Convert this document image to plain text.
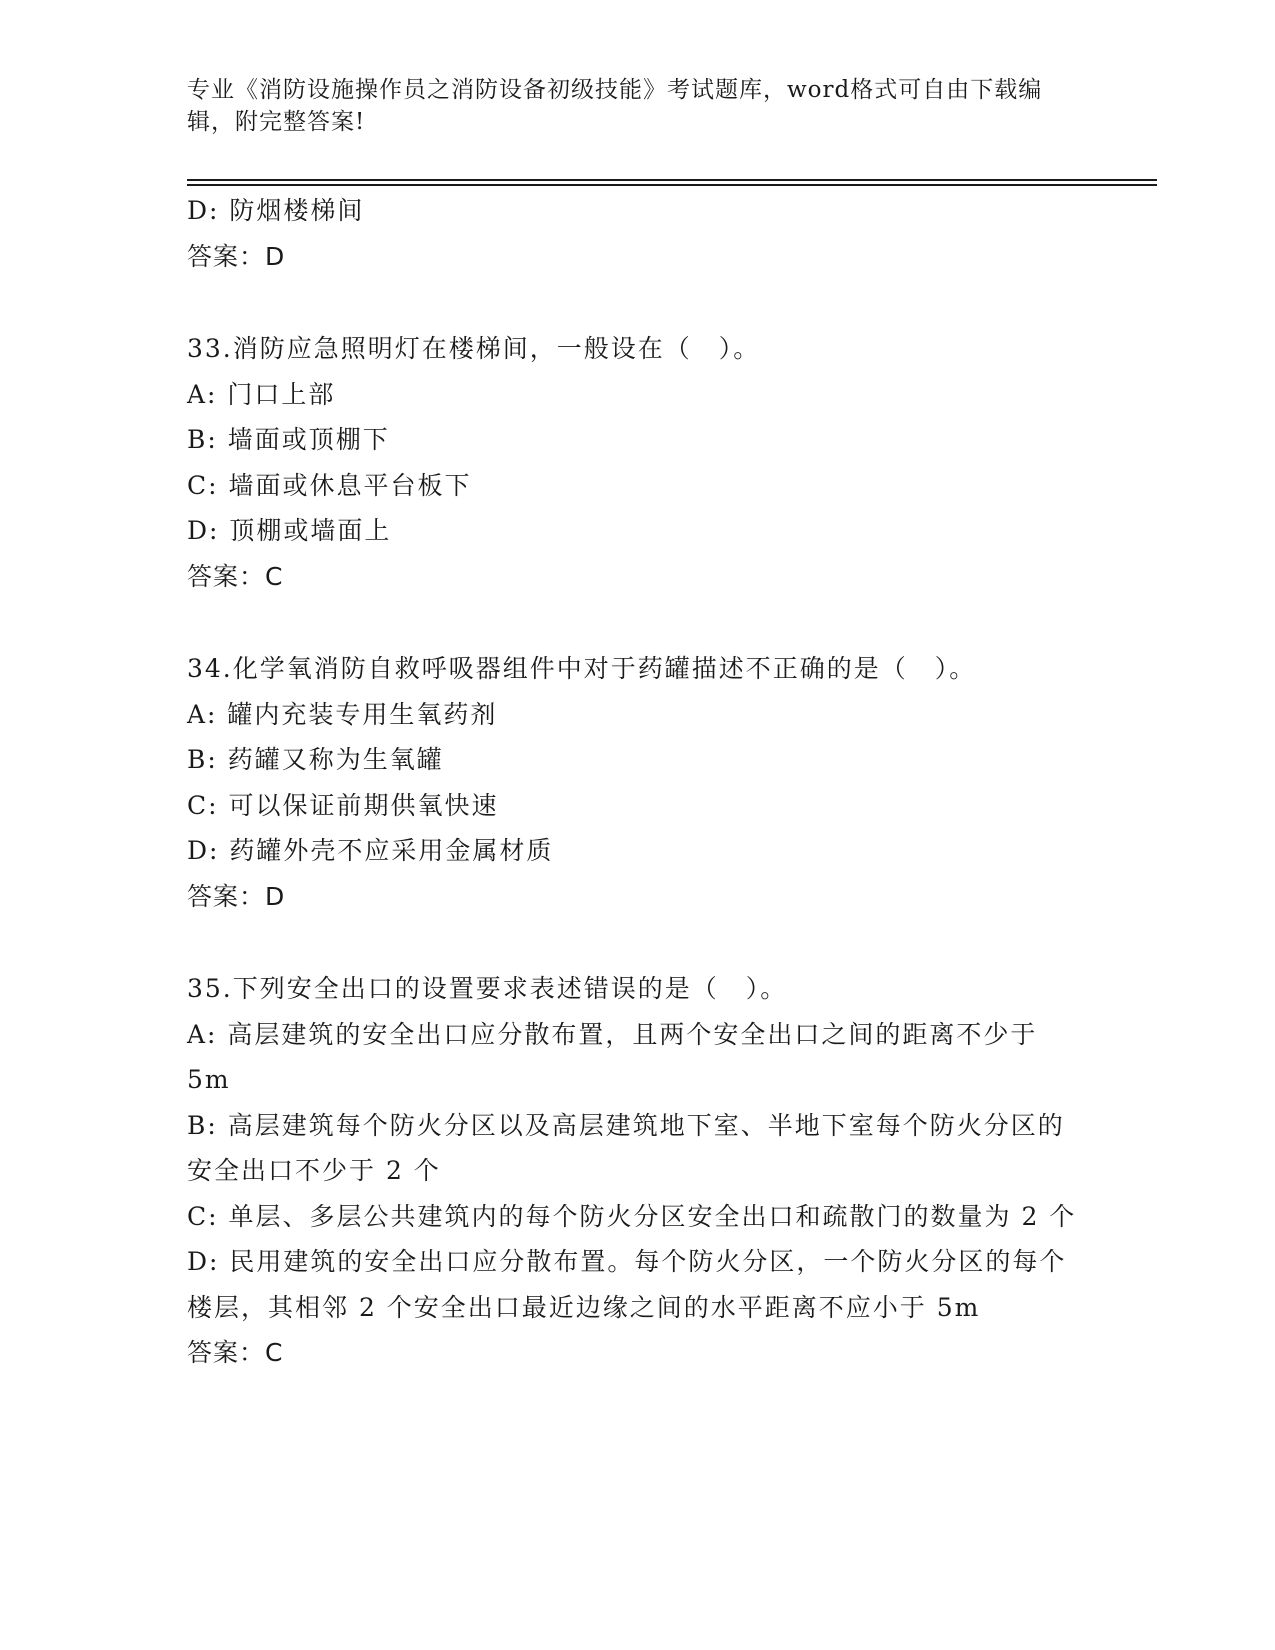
专业《消防设施操作员之消防设备初级技能》考试题库，word格式可自由下载编
辑，附完整答案!
D: 防烟楼梯间
答案：D
33.消防应急照明灯在楼梯间，一般设在（　）。
A: 门口上部
B: 墙面或顶棚下
C: 墙面或休息平台板下
D: 顶棚或墙面上
答案：C
34.化学氧消防自救呼吸器组件中对于药罐描述不正确的是（　）。
A: 罐内充装专用生氧药剂
B: 药罐又称为生氧罐
C: 可以保证前期供氧快速
D: 药罐外壳不应采用金属材质
答案：D
35.下列安全出口的设置要求表述错误的是（　）。
A: 高层建筑的安全出口应分散布置，且两个安全出口之间的距离不少于 5m
B: 高层建筑每个防火分区以及高层建筑地下室、半地下室每个防火分区的安全出口不少于 2 个
C: 单层、多层公共建筑内的每个防火分区安全出口和疏散门的数量为 2 个
D: 民用建筑的安全出口应分散布置。每个防火分区，一个防火分区的每个楼层，其相邻 2 个安全出口最近边缘之间的水平距离不应小于 5m
答案：C
